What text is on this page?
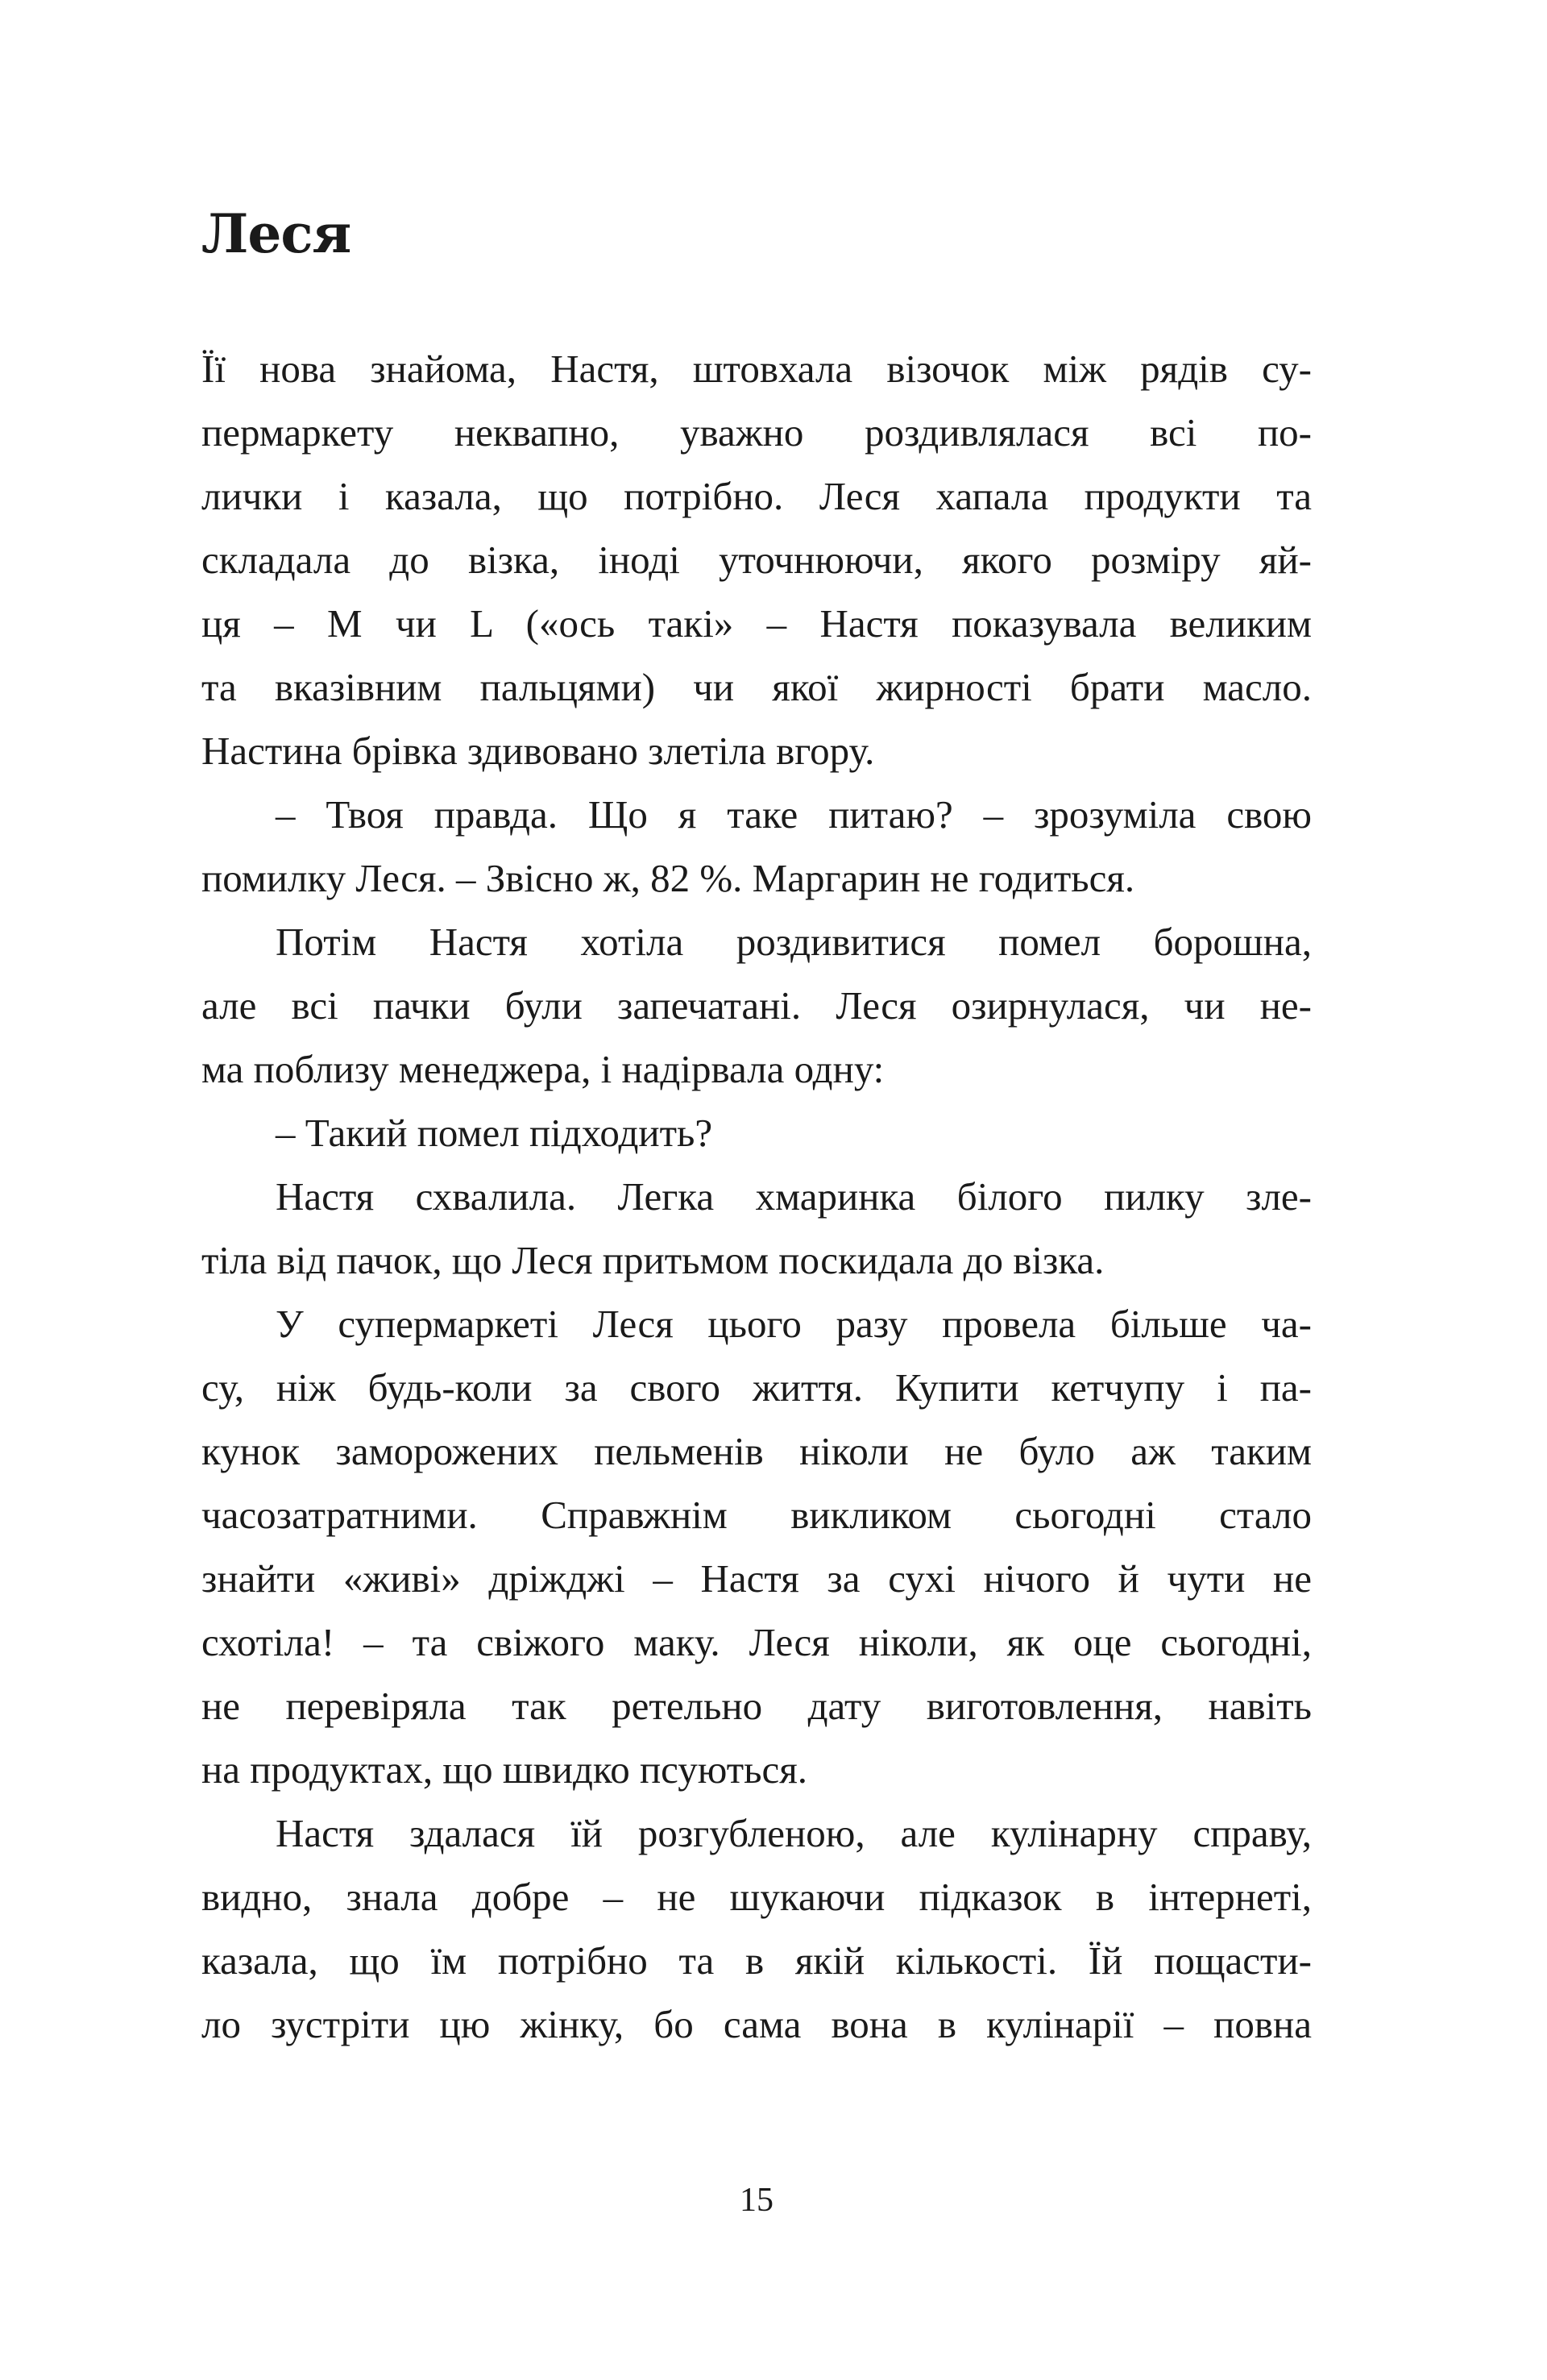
Леся
Її нова знайома, Настя, штовхала візочок між рядів су-
пермаркету неквапно, уважно роздивлялася всі по-
лички і казала, що потрібно. Леся хапала продукти та
складала до візка, іноді уточнюючи, якого розміру яй-
ця – M чи L («ось такі» – Настя показувала великим
та вказівним пальцями) чи якої жирності брати масло.
Настина брівка здивовано злетіла вгору.
– Твоя правда. Що я таке питаю? – зрозуміла свою
помилку Леся. – Звісно ж, 82 %. Маргарин не годиться.
Потім Настя хотіла роздивитися помел борошна,
але всі пачки були запечатані. Леся озирнулася, чи не-
ма поблизу менеджера, і надірвала одну:
– Такий помел підходить?
Настя схвалила. Легка хмаринка білого пилку зле-
тіла від пачок, що Леся притьмом поскидала до візка.
У супермаркеті Леся цього разу провела більше ча-
су, ніж будь-коли за свого життя. Купити кетчупу і па-
кунок заморожених пельменів ніколи не було аж таким
часозатратними. Справжнім викликом сьогодні стало
знайти «живі» дріжджі – Настя за сухі нічого й чути не
схотіла! – та свіжого маку. Леся ніколи, як оце сьогодні,
не перевіряла так ретельно дату виготовлення, навіть
на продуктах, що швидко псуються.
Настя здалася їй розгубленою, але кулінарну справу,
видно, знала добре – не шукаючи підказок в інтернеті,
казала, що їм потрібно та в якій кількості. Їй пощасти-
ло зустріти цю жінку, бо сама вона в кулінарії – повна
15
